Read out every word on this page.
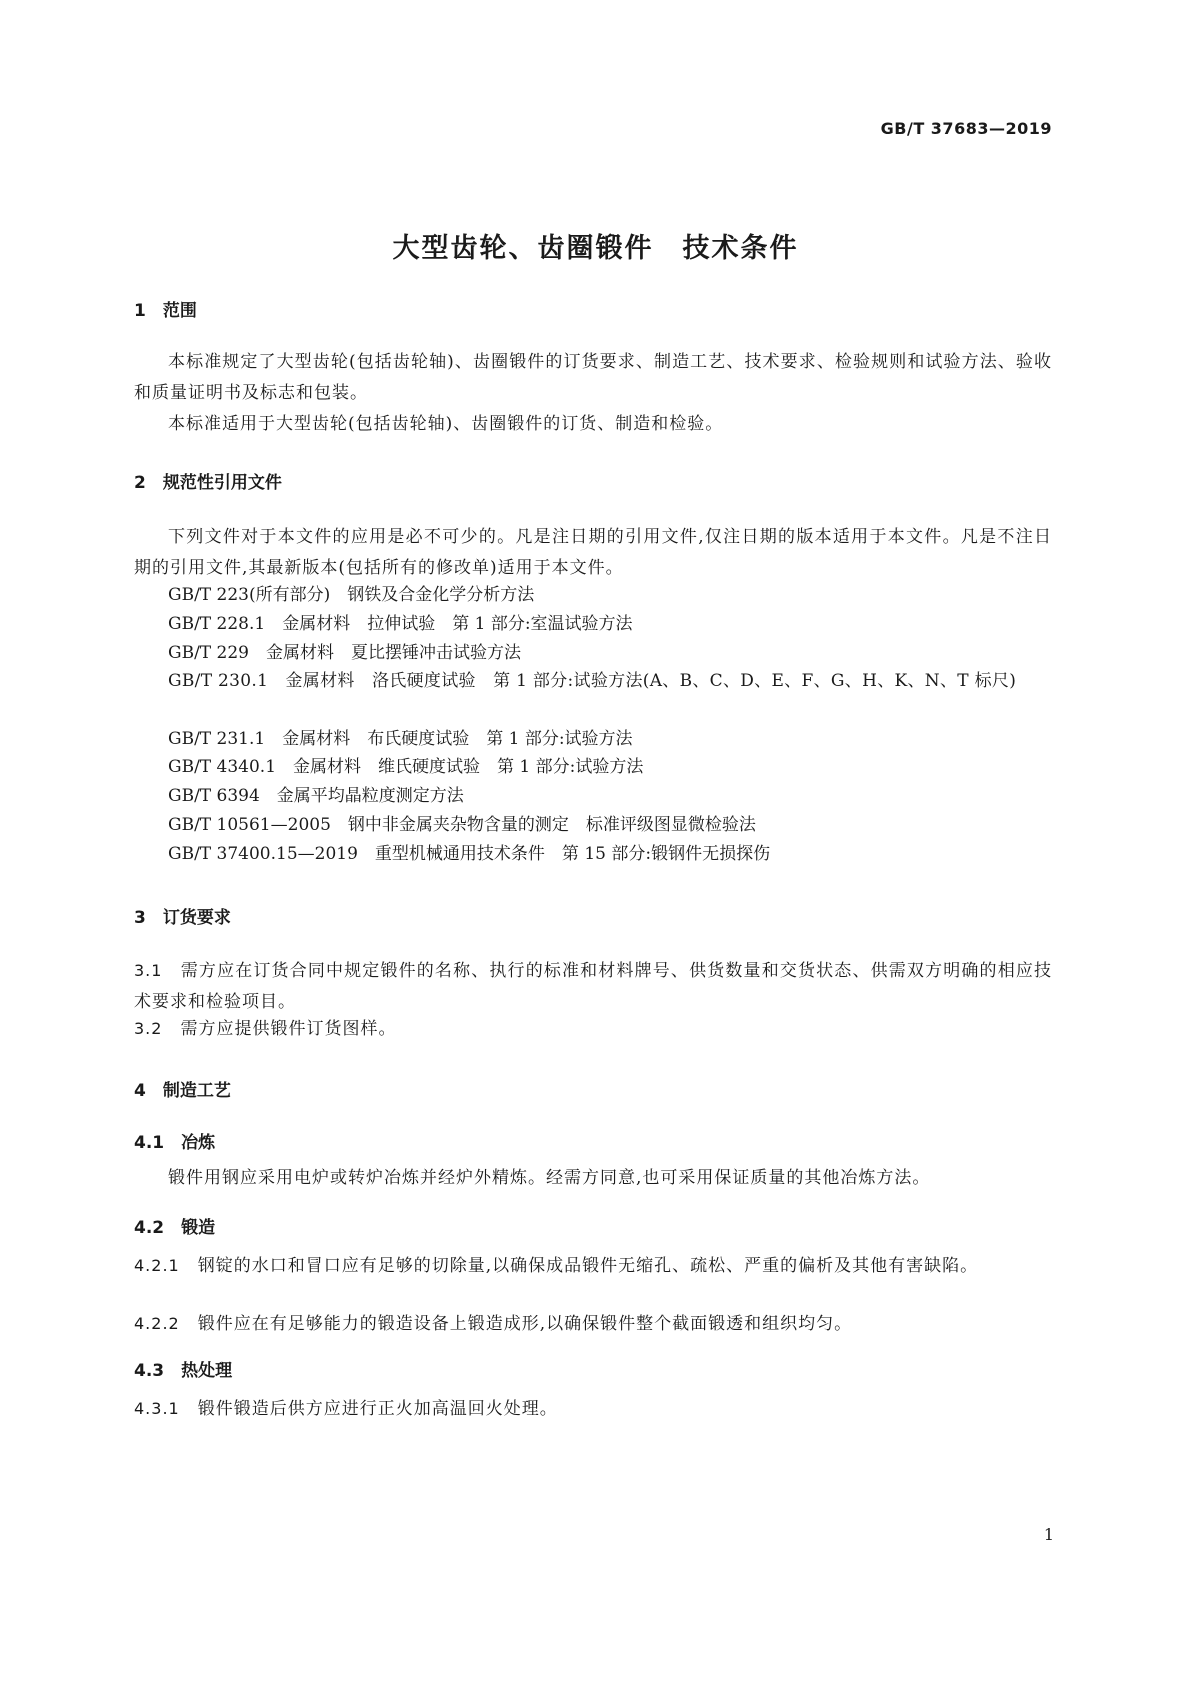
GB/T 37683—2019
大型齿轮、齿圈锻件　技术条件
1　范围

本标准规定了大型齿轮(包括齿轮轴)、齿圈锻件的订货要求、制造工艺、技术要求、检验规则和试验方法、验收和质量证明书及标志和包装。

本标准适用于大型齿轮(包括齿轮轴)、齿圈锻件的订货、制造和检验。

2　规范性引用文件

下列文件对于本文件的应用是必不可少的。凡是注日期的引用文件,仅注日期的版本适用于本文件。凡是不注日期的引用文件,其最新版本(包括所有的修改单)适用于本文件。

GB/T 223(所有部分)　钢铁及合金化学分析方法
GB/T 228.1　金属材料　拉伸试验　第 1 部分:室温试验方法
GB/T 229　金属材料　夏比摆锤冲击试验方法
GB/T 230.1　金属材料　洛氏硬度试验　第 1 部分:试验方法(A、B、C、D、E、F、G、H、K、N、T 标尺)
GB/T 231.1　金属材料　布氏硬度试验　第 1 部分:试验方法
GB/T 4340.1　金属材料　维氏硬度试验　第 1 部分:试验方法
GB/T 6394　金属平均晶粒度测定方法
GB/T 10561—2005　钢中非金属夹杂物含量的测定　标准评级图显微检验法
GB/T 37400.15—2019　重型机械通用技术条件　第 15 部分:锻钢件无损探伤
3　订货要求

3.1　 需方应在订货合同中规定锻件的名称、执行的标准和材料牌号、供货数量和交货状态、供需双方明确的相应技术要求和检验项目。

3.2　 需方应提供锻件订货图样。

4　制造工艺
4.1　冶炼

锻件用钢应采用电炉或转炉冶炼并经炉外精炼。经需方同意,也可采用保证质量的其他冶炼方法。

4.2　锻造

4.2.1　 钢锭的水口和冒口应有足够的切除量,以确保成品锻件无缩孔、疏松、严重的偏析及其他有害缺陷。

4.2.2　 锻件应在有足够能力的锻造设备上锻造成形,以确保锻件整个截面锻透和组织均匀。

4.3　热处理

4.3.1　 锻件锻造后供方应进行正火加高温回火处理。

1
